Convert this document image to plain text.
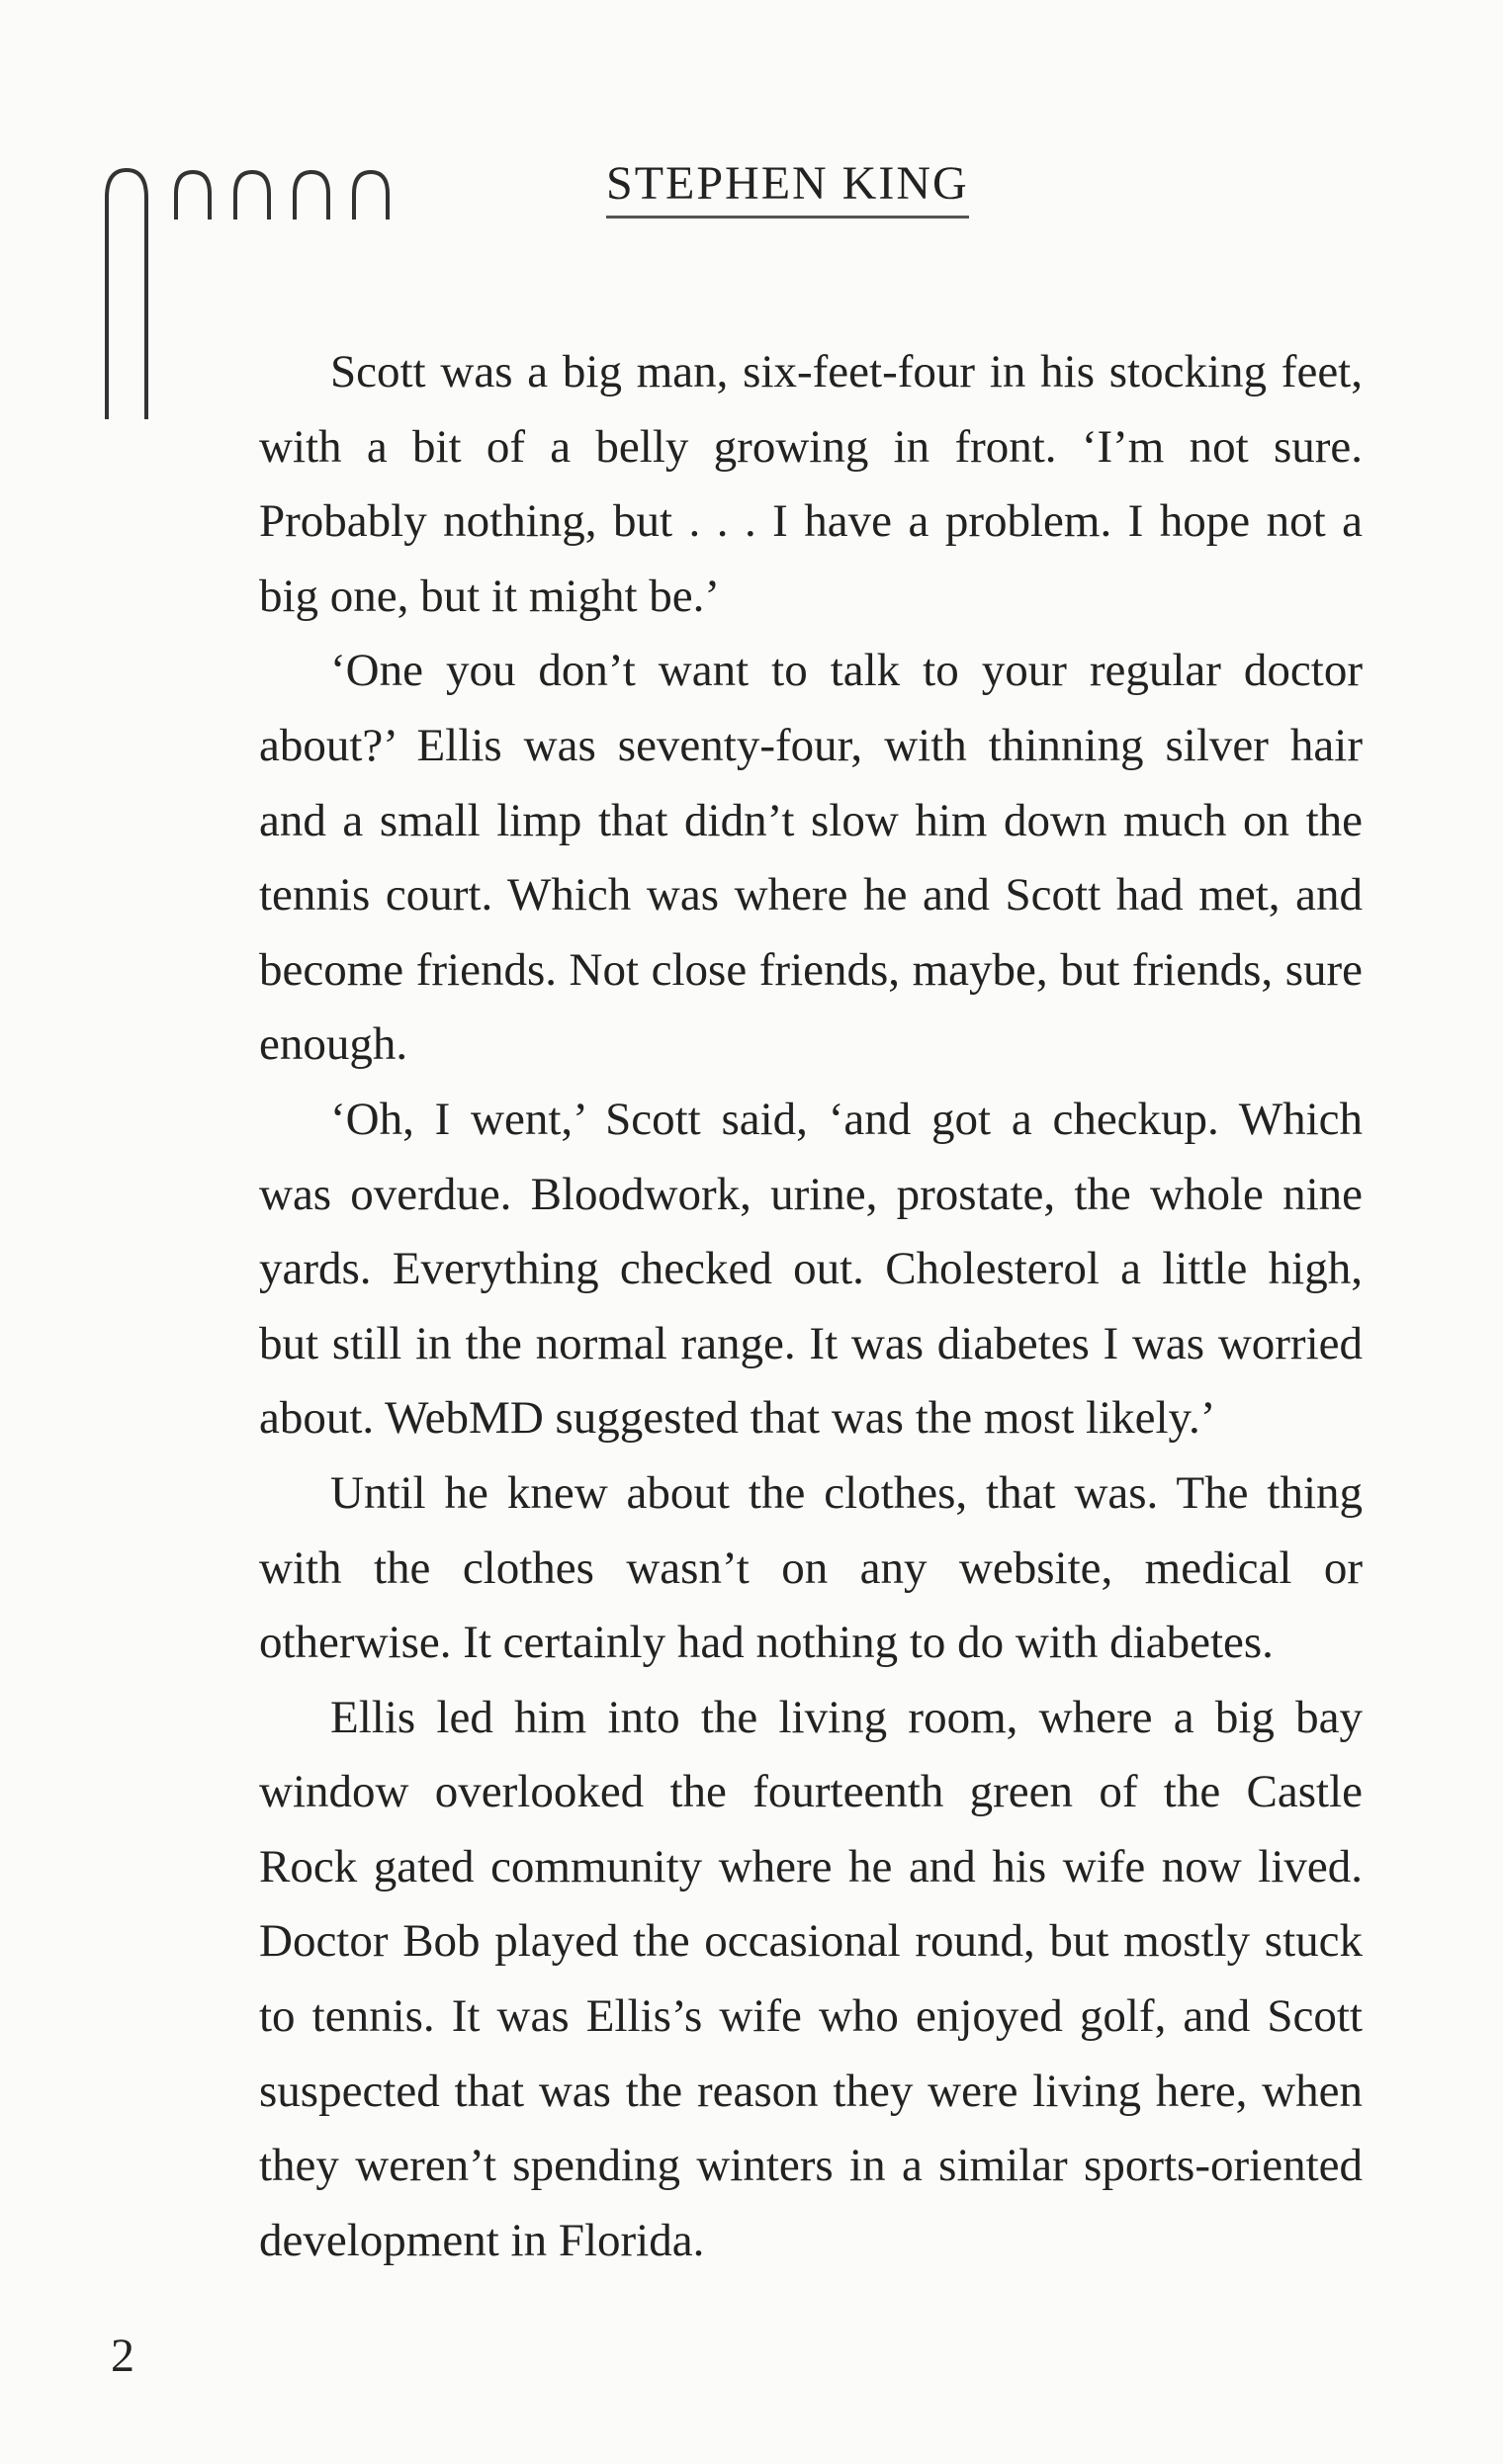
STEPHEN KING

Scott was a big man, six-feet-four in his stocking feet, with a bit of a belly growing in front. ‘I’m not sure. Probably nothing, but . . . I have a problem. I hope not a big one, but it might be.’

‘One you don’t want to talk to your regular doctor about?’ Ellis was seventy-four, with thinning silver hair and a small limp that didn’t slow him down much on the tennis court. Which was where he and Scott had met, and become friends. Not close friends, maybe, but friends, sure enough.

‘Oh, I went,’ Scott said, ‘and got a checkup. Which was overdue. Bloodwork, urine, prostate, the whole nine yards. Everything checked out. Cholesterol a little high, but still in the normal range. It was diabetes I was worried about. WebMD suggested that was the most likely.’

Until he knew about the clothes, that was. The thing with the clothes wasn’t on any website, medical or otherwise. It certainly had nothing to do with diabetes.

Ellis led him into the living room, where a big bay window overlooked the fourteenth green of the Castle Rock gated community where he and his wife now lived. Doctor Bob played the occasional round, but mostly stuck to tennis. It was Ellis’s wife who enjoyed golf, and Scott suspected that was the reason they were living here, when they weren’t spending winters in a similar sports-oriented development in Florida.

2
